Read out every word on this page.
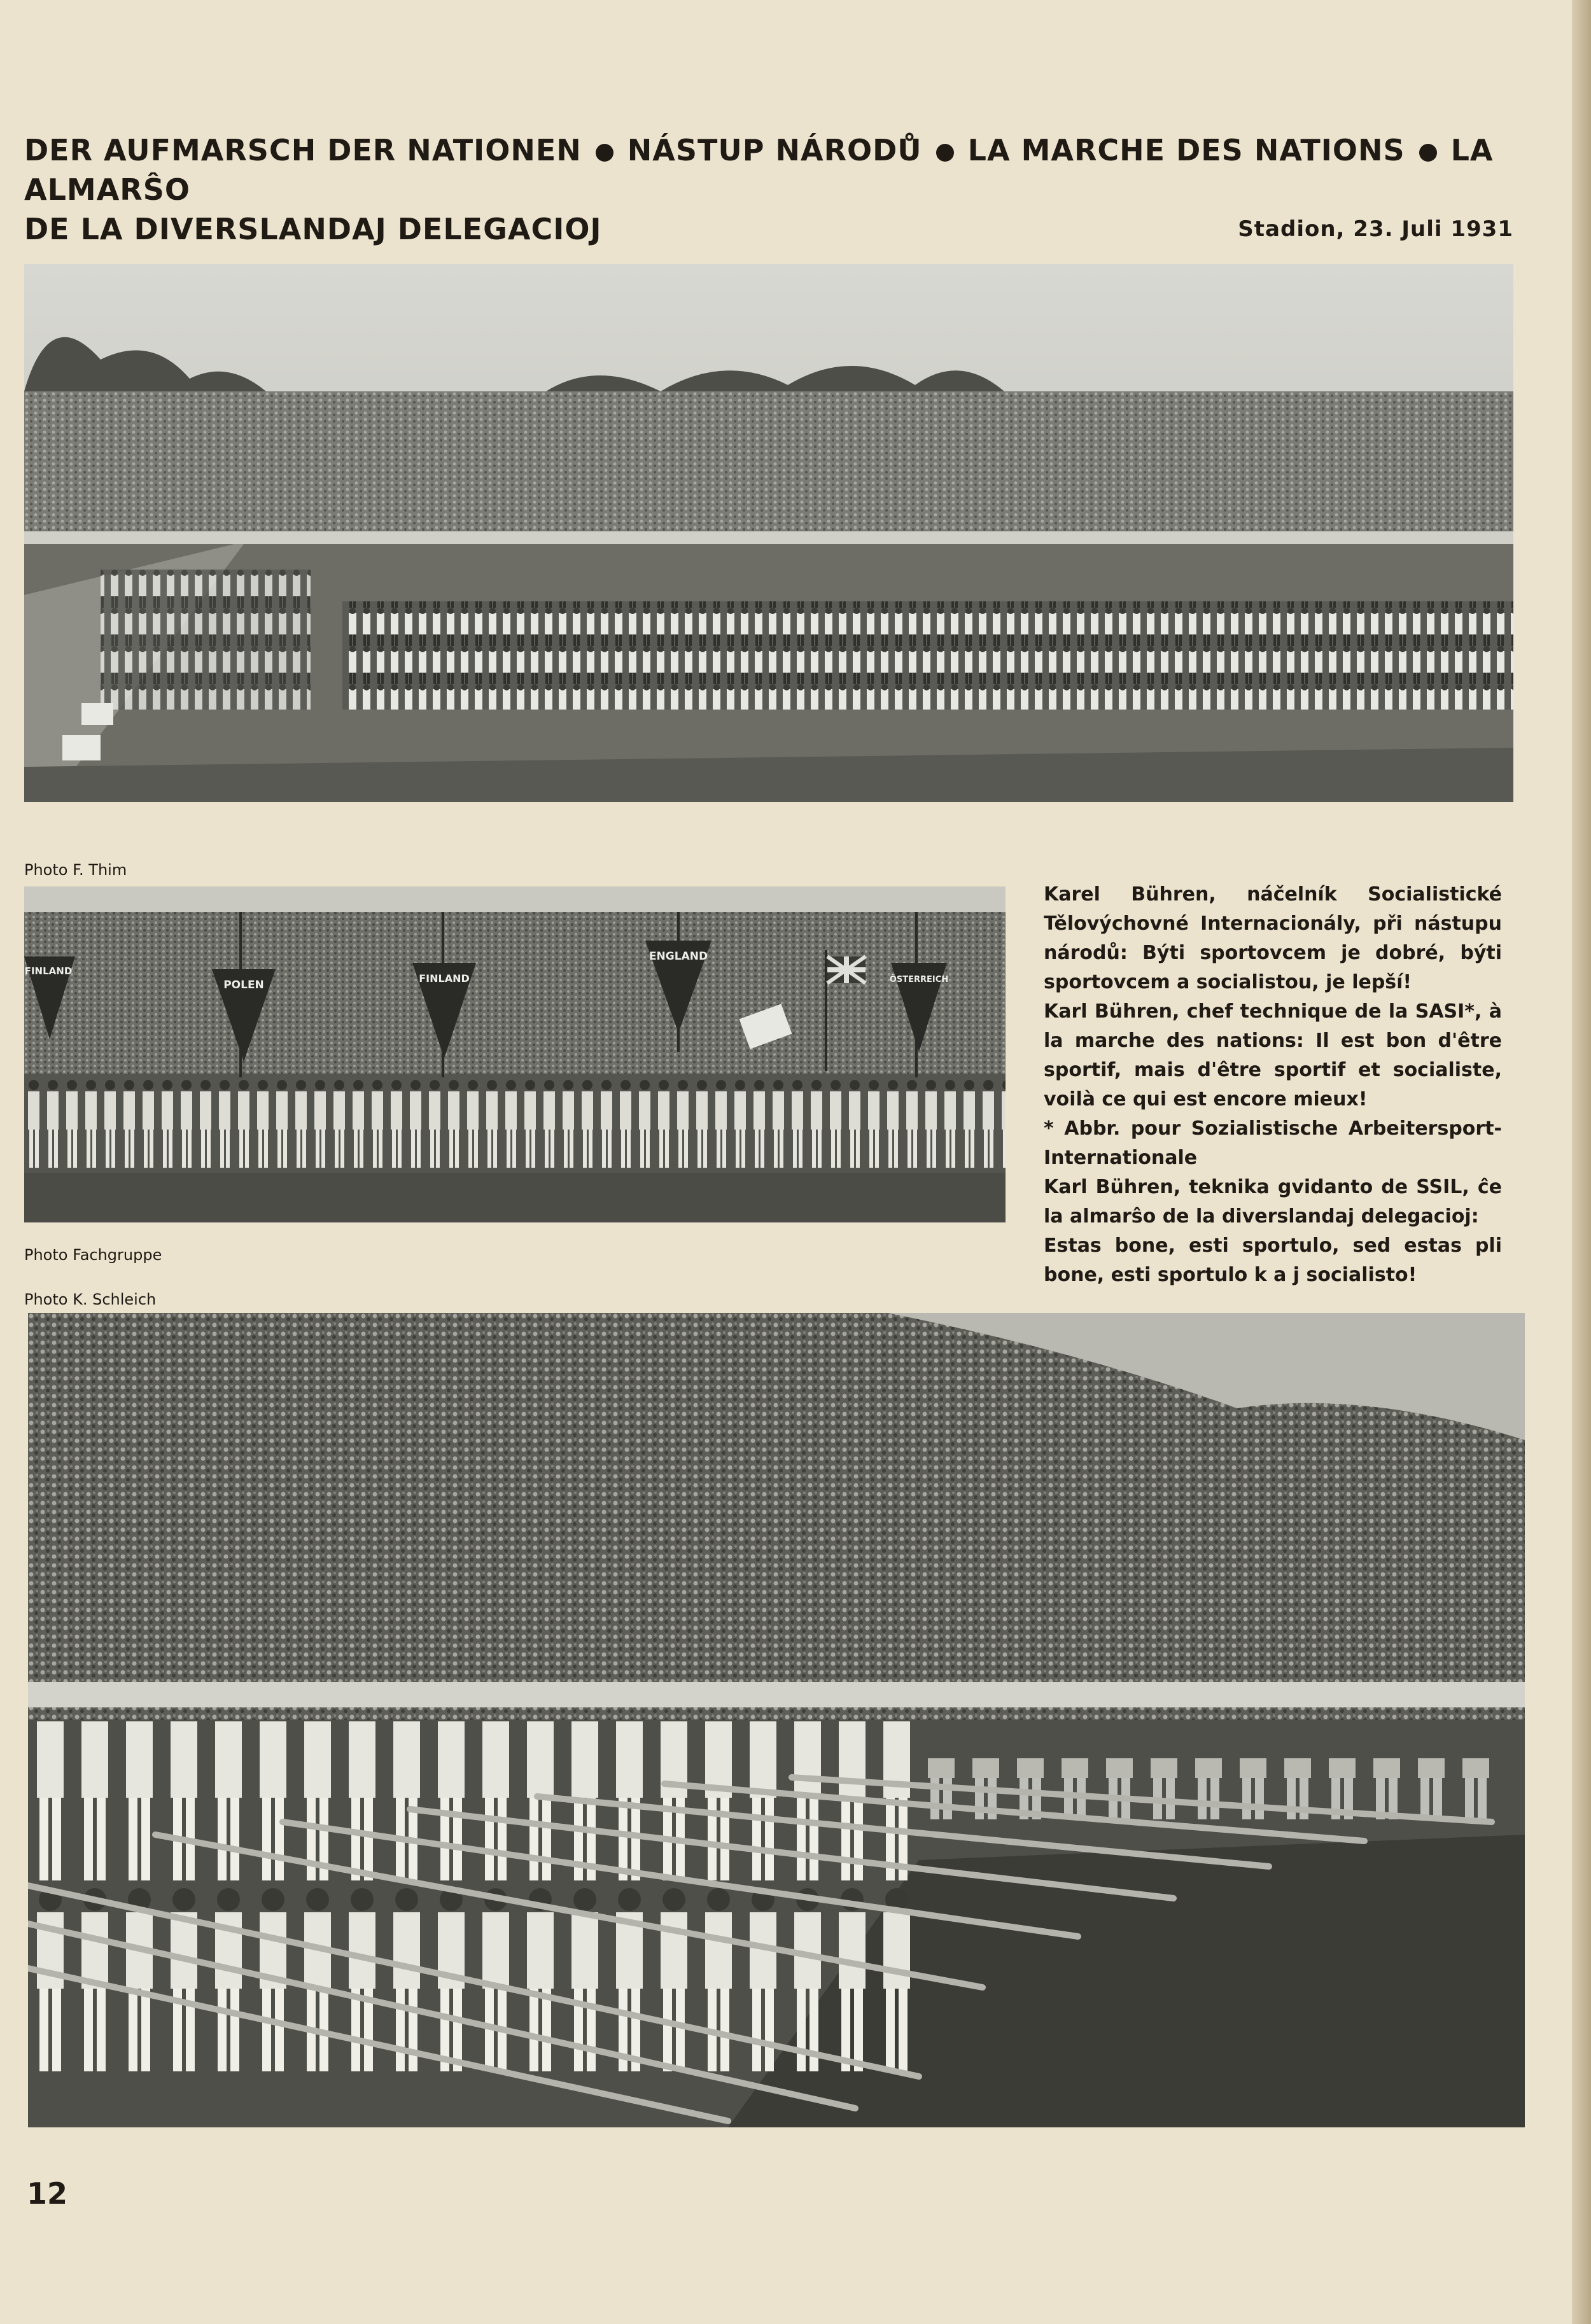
DER AUFMARSCH DER NATIONEN NÁSTUP NÁRODŮ LA MARCHE DES NATIONS LA ALMARŜO
DE LA DIVERSLANDAJ DELEGACIOJ	Stadion, 23. Juli 1931
Photo F. Thim
FINLAND
POLEN
FINLAND
ENGLAND
ÖSTERREICH
Photo Fachgruppe
Photo K. Schleich

Karel Bühren, náčelník Socialistické Tělovýchovné Internacionály, při nástupu národů: Býti sportovcem je dobré, býti sportovcem a socialistou, je lepší!

Karl Bühren, chef technique de la SASI*, à la marche des nations: Il est bon d'être sportif, mais d'être sportif et socialiste, voilà ce qui est encore mieux!

* Abbr. pour Sozialistische Arbeitersport-Internationale

Karl Bühren, teknika gvidanto de SSIL, ĉe la almarŝo de la diverslandaj delegacioj:
Estas bone, esti sportulo, sed estas pli bone, esti sportulo k a j socialisto!

12
